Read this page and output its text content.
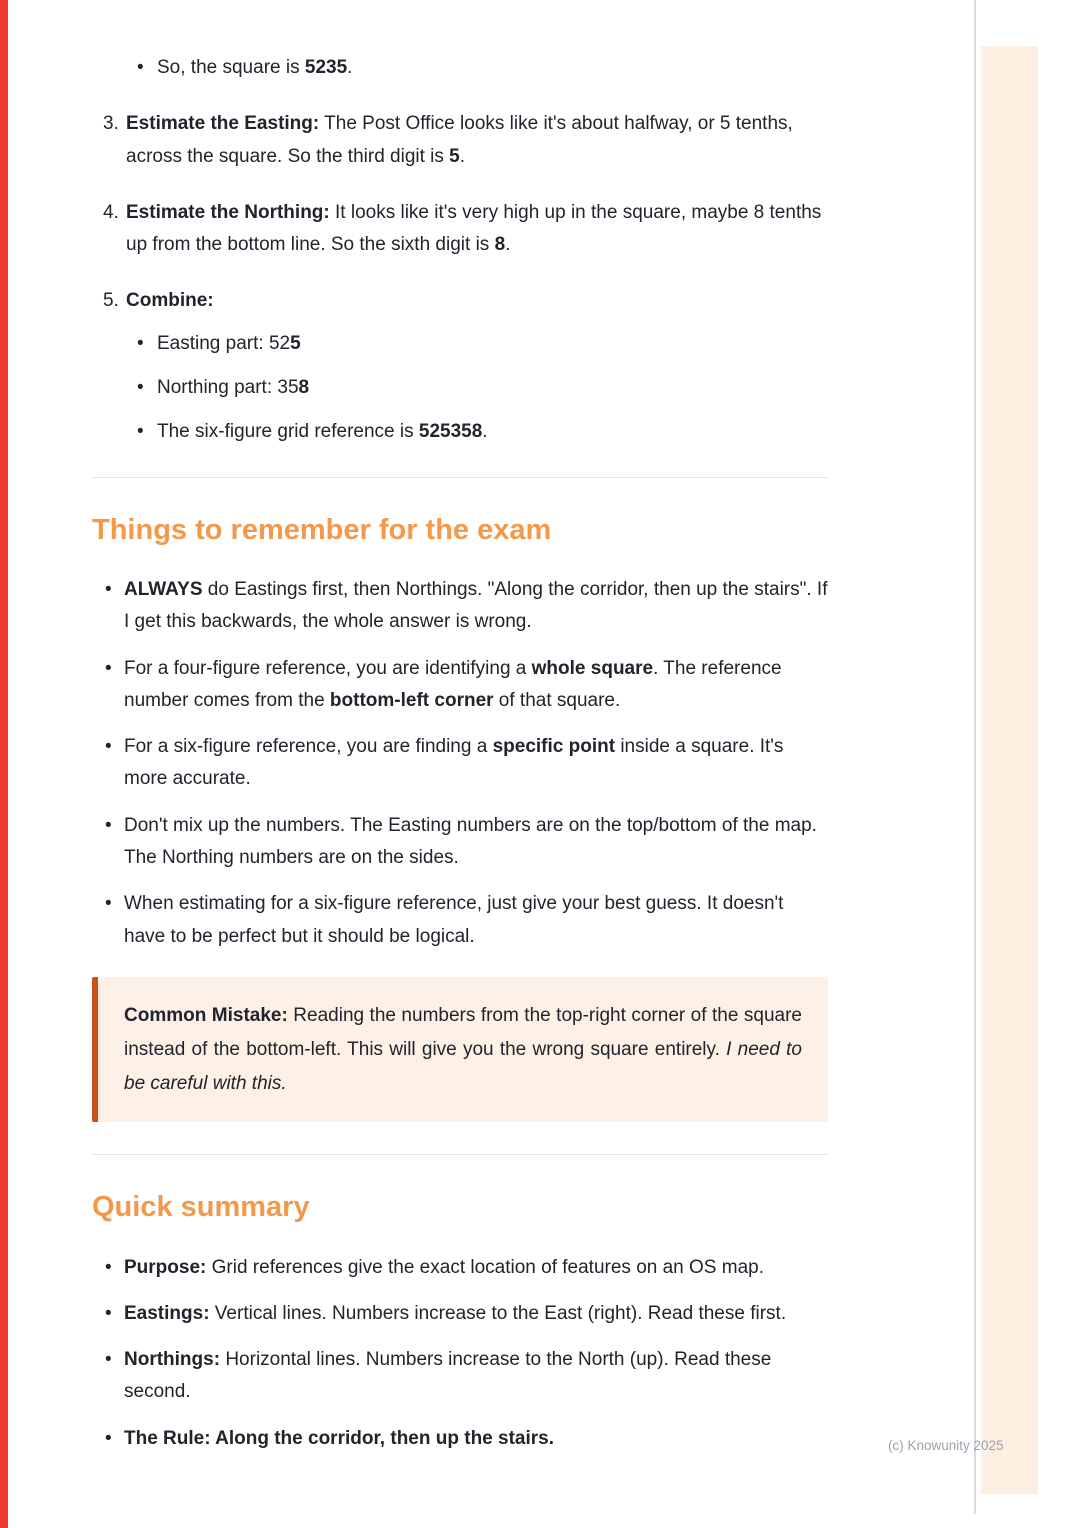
• So, the square is 5235.
3. Estimate the Easting: The Post Office looks like it's about halfway, or 5 tenths, across the square. So the third digit is 5.
4. Estimate the Northing: It looks like it's very high up in the square, maybe 8 tenths up from the bottom line. So the sixth digit is 8.
5. Combine:
• Easting part: 525
• Northing part: 358
• The six-figure grid reference is 525358.
Things to remember for the exam
• ALWAYS do Eastings first, then Northings. "Along the corridor, then up the stairs". If I get this backwards, the whole answer is wrong.
• For a four-figure reference, you are identifying a whole square. The reference number comes from the bottom-left corner of that square.
• For a six-figure reference, you are finding a specific point inside a square. It's more accurate.
• Don't mix up the numbers. The Easting numbers are on the top/bottom of the map. The Northing numbers are on the sides.
• When estimating for a six-figure reference, just give your best guess. It doesn't have to be perfect but it should be logical.
Common Mistake: Reading the numbers from the top-right corner of the square instead of the bottom-left. This will give you the wrong square entirely. I need to be careful with this.
Quick summary
• Purpose: Grid references give the exact location of features on an OS map.
• Eastings: Vertical lines. Numbers increase to the East (right). Read these first.
• Northings: Horizontal lines. Numbers increase to the North (up). Read these second.
• The Rule: Along the corridor, then up the stairs.	(c) Knowunity 2025
